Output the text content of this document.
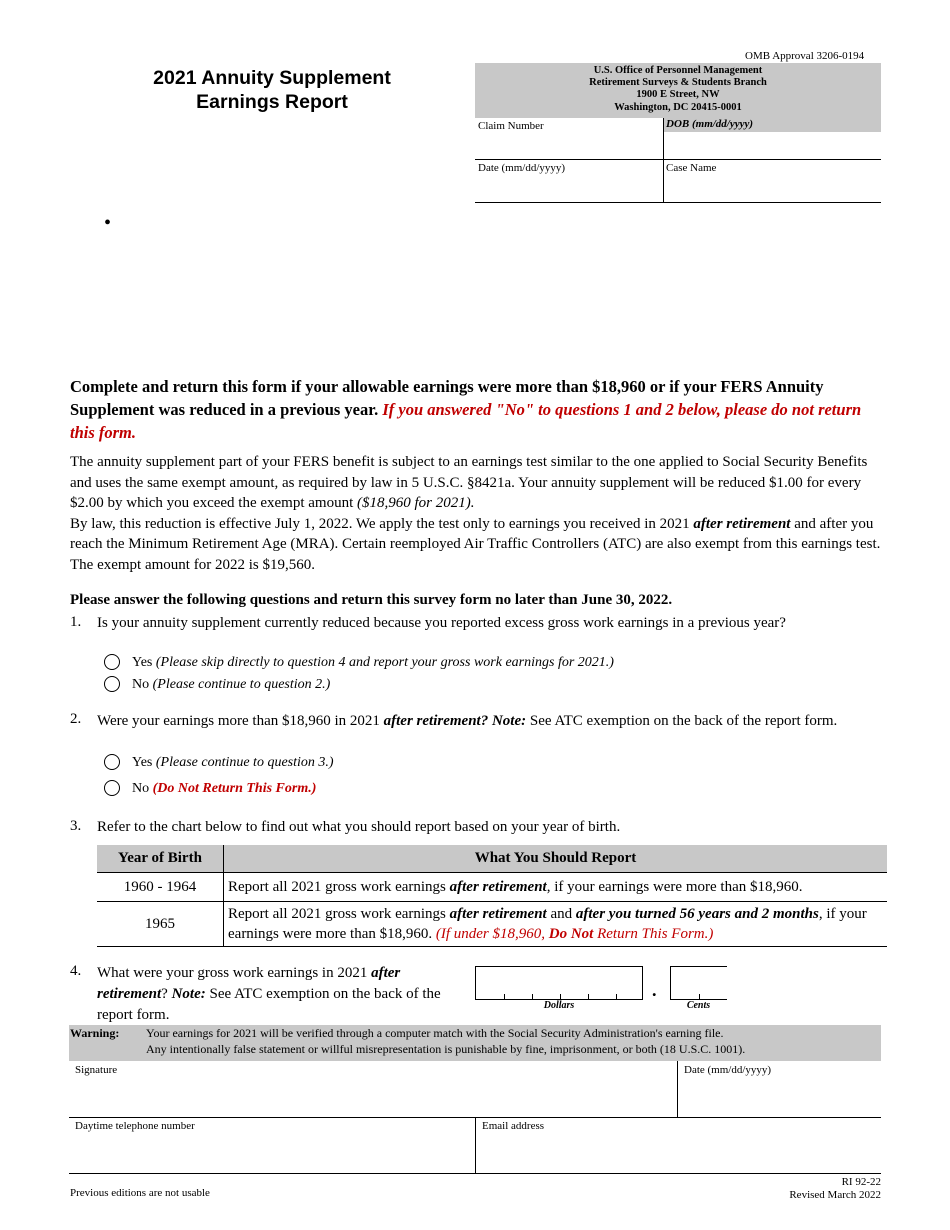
OMB Approval 3206-0194
2021 Annuity Supplement
Earnings Report
U.S. Office of Personnel Management
Retirement Surveys & Students Branch
1900 E Street, NW
Washington, DC 20415-0001
Claim Number	DOB (mm/dd/yyyy)
Date (mm/dd/yyyy)	Case Name
•
Complete and return this form if your allowable earnings were more than $18,960 or if your FERS Annuity Supplement was reduced in a previous year. If you answered "No" to questions 1 and 2 below, please do not return this form.
The annuity supplement part of your FERS benefit is subject to an earnings test similar to the one applied to Social Security Benefits and uses the same exempt amount, as required by law in 5 U.S.C. §8421a. Your annuity supplement will be reduced $1.00 for every $2.00 by which you exceed the exempt amount ($18,960 for 2021).
By law, this reduction is effective July 1, 2022. We apply the test only to earnings you received in 2021 after retirement and after you reach the Minimum Retirement Age (MRA). Certain reemployed Air Traffic Controllers (ATC) are also exempt from this earnings test. The exempt amount for 2022 is $19,560.
Please answer the following questions and return this survey form no later than June 30, 2022.
1. Is your annuity supplement currently reduced because you reported excess gross work earnings in a previous year?
Yes (Please skip directly to question 4 and report your gross work earnings for 2021.)
No (Please continue to question 2.)
2. Were your earnings more than $18,960 in 2021 after retirement? Note: See ATC exemption on the back of the report form.
Yes (Please continue to question 3.)
No (Do Not Return This Form.)
3. Refer to the chart below to find out what you should report based on your year of birth.
Year of Birth	What You Should Report
1960 - 1964	Report all 2021 gross work earnings after retirement, if your earnings were more than $18,960.
1965	Report all 2021 gross work earnings after retirement and after you turned 56 years and 2 months, if your earnings were more than $18,960. (If under $18,960, Do Not Return This Form.)
4. What were your gross work earnings in 2021 after retirement? Note: See ATC exemption on the back of the report form.
Dollars
.
Cents
Warning: Your earnings for 2021 will be verified through a computer match with the Social Security Administration's earning file.
Any intentionally false statement or willful misrepresentation is punishable by fine, imprisonment, or both (18 U.S.C. 1001).
Signature	Date (mm/dd/yyyy)
Daytime telephone number	Email address
Previous editions are not usable
RI 92-22
Revised March 2022
